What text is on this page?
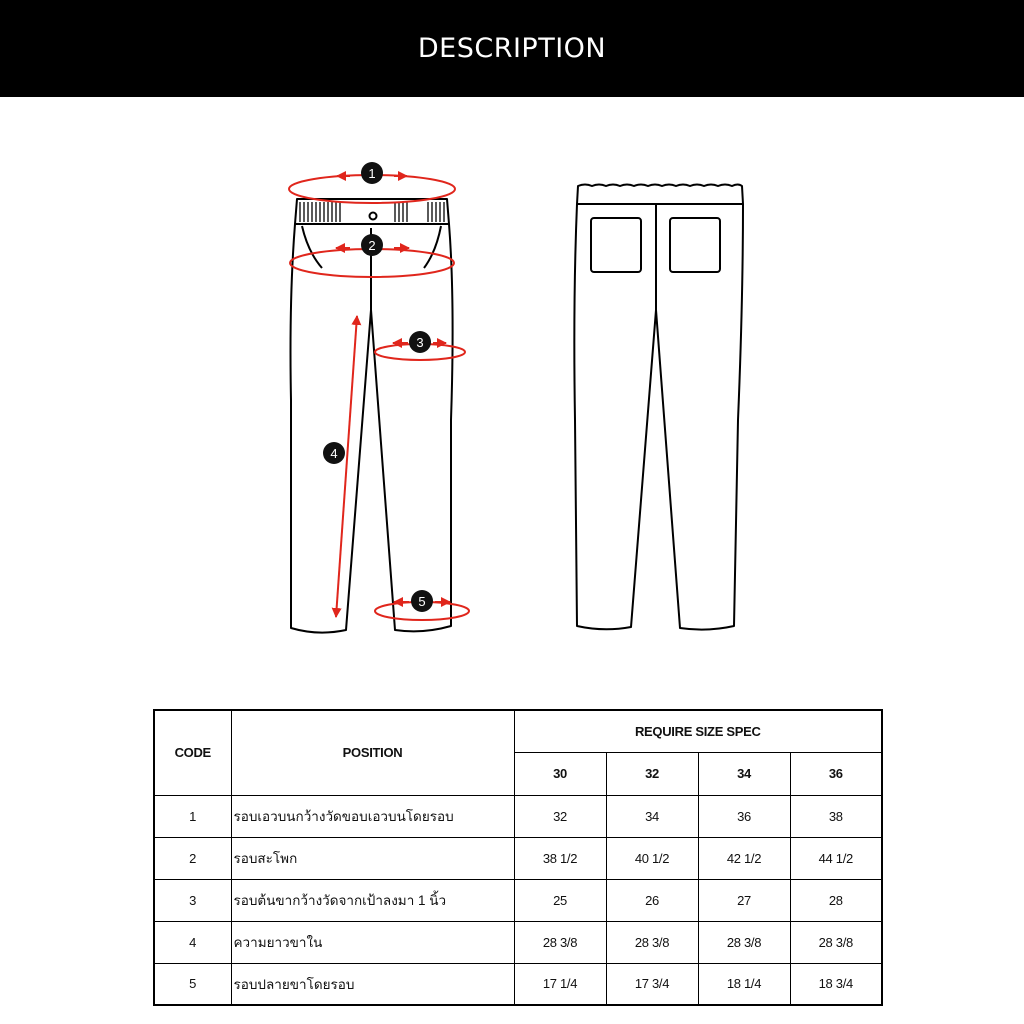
DESCRIPTION
1
2
3
4
5
CODE	POSITION	REQUIRE SIZE SPEC			
		30	32	34	36
1	รอบเอวบนกว้างวัดขอบเอวบนโดยรอบ	32	34	36	38
2	รอบสะโพก	38 1/2	40 1/2	42 1/2	44 1/2
3	รอบต้นขากว้างวัดจากเป้าลงมา 1 นิ้ว	25	26	27	28
4	ความยาวขาใน	28 3/8	28 3/8	28 3/8	28 3/8
5	รอบปลายขาโดยรอบ	17 1/4	17 3/4	18 1/4	18 3/4
